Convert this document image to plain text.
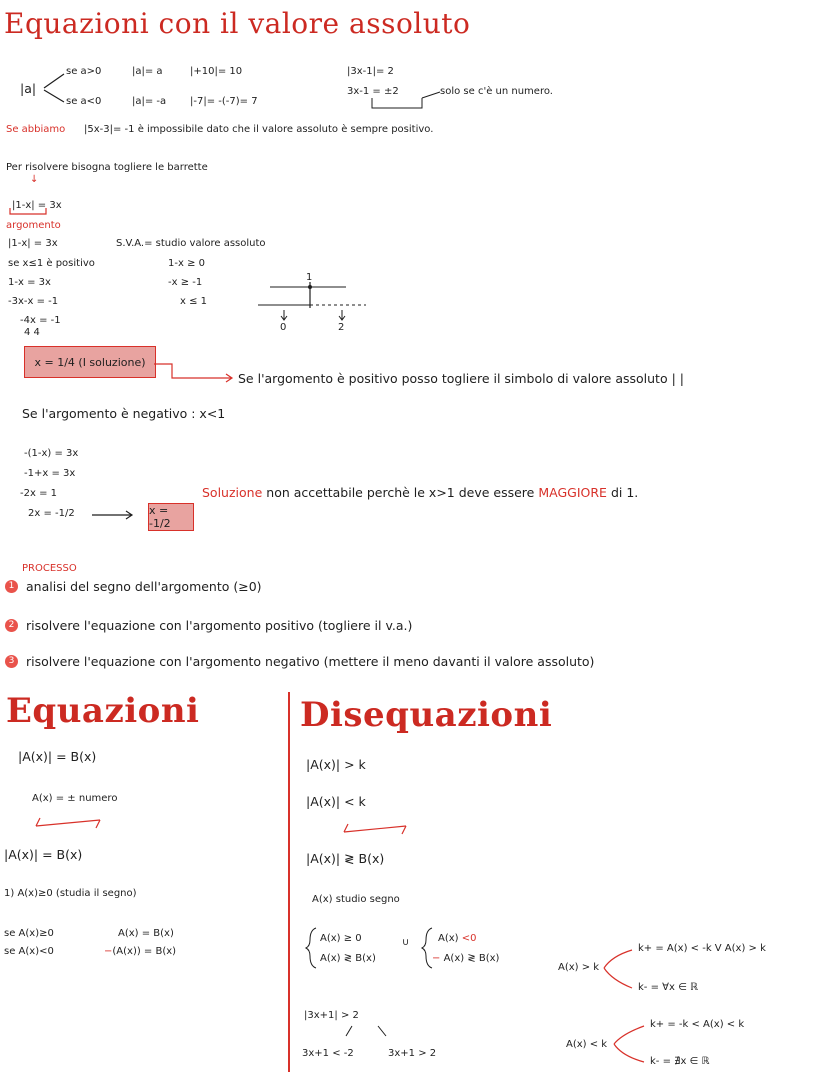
Equazioni con il valore assoluto
|a|
se a>0
se a<0
|a|= a
|a|= -a
|+10|= 10
|-7|= -(-7)= 7
|3x-1|= 2
3x-1 = ±2	solo se c'è un numero.
Se abbiamo |5x-3|= -1 è impossibile dato che il valore assoluto è sempre positivo.
Per risolvere bisogna togliere le barrette
↓
|1-x| = 3x
argomento
|1-x| = 3x	S.V.A.= studio valore assoluto
se x≤1 è positivo
1-x = 3x
-3x-x = -1
-4x = -1
4 4
1-x ≥ 0
-x ≥ -1
x ≤ 1
1
0	2
x = 1/4 (I soluzione)
Se l'argomento è positivo posso togliere il simbolo di valore assoluto | |
Se l'argomento è negativo : x<1
-(1-x) = 3x
-1+x = 3x
-2x = 1
2x = -1/2	x = -1/2
Soluzione non accettabile perchè le x>1 deve essere MAGGIORE di 1.
PROCESSO
1 analisi del segno dell'argomento (≥0)
2 risolvere l'equazione con l'argomento positivo (togliere il v.a.)
3 risolvere l'equazione con l'argomento negativo (mettere il meno davanti il valore assoluto)
Equazioni
|A(x)| = B(x)
A(x) = ± numero
|A(x)| = B(x)
1) A(x)≥0 (studia il segno)
se A(x)≥0	A(x) = B(x)
se A(x)<0	−(A(x)) = B(x)
Disequazioni
|A(x)| > k
|A(x)| < k
|A(x)| ≷ B(x)
A(x) studio segno
A(x) ≥ 0
A(x) ≷ B(x)
∪	A(x) <0
− A(x) ≷ B(x)
A(x) > k
k+ = A(x) < -k V A(x) > k
k- = ∀x ∈ ℝ
A(x) < k
k+ = -k < A(x) < k
k- = ∄x ∈ ℝ
|3x+1| > 2
3x+1 < -2	3x+1 > 2
